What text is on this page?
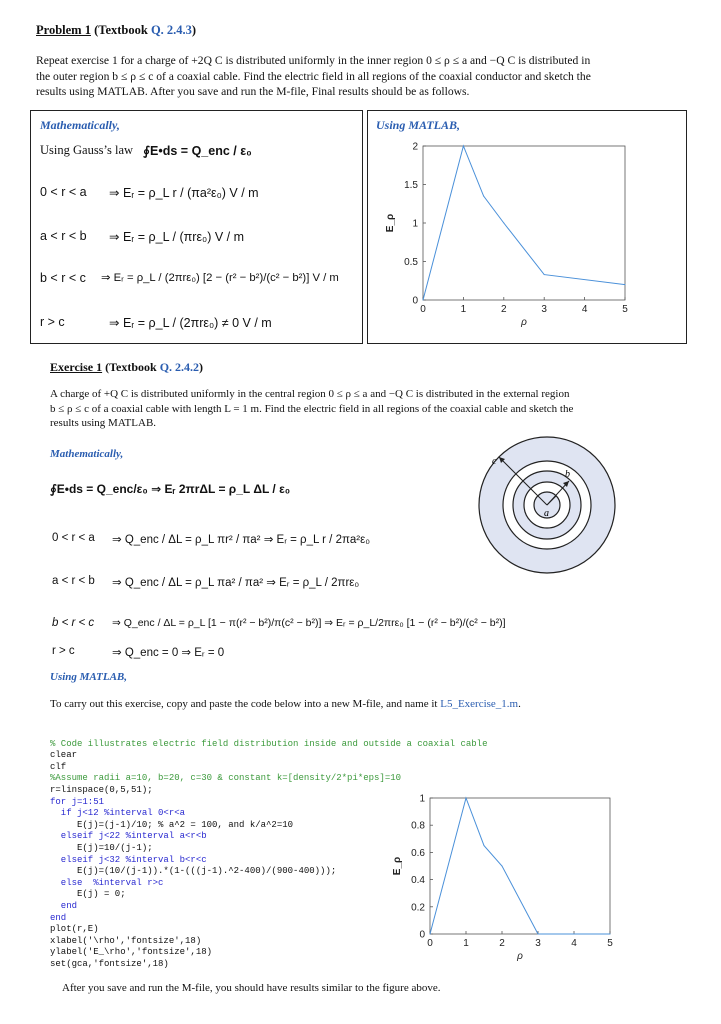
Problem 1 (Textbook Q. 2.4.3)
Repeat exercise 1 for a charge of +2Q C is distributed uniformly in the inner region 0 ≤ ρ ≤ a and −Q C is distributed in
the outer region b ≤ ρ ≤ c of a coaxial cable. Find the electric field in all regions of the coaxial conductor and sketch the
results using MATLAB. After you save and run the M-file, Final results should be as follows.
Mathematically,
Using Gauss’s law ∮E•ds = Q_enc / ε₀
0 < r < a ⇒ Eᵣ = ρ_L r / (πa²ε₀) V / m
a < r < b ⇒ Eᵣ = ρ_L / (πrε₀) V / m
b < r < c ⇒ Eᵣ = ρ_L / (2πrε₀) [2 − (r² − b²)/(c² − b²)] V / m
r > c	⇒ Eᵣ = ρ_L / (2πrε₀) ≠ 0 V / m
Using MATLAB,
0	1	2	3	4	5
0
0.5
1
1.5
2
ρ
E_ρ
Exercise 1 (Textbook Q. 2.4.2)
A charge of +Q C is distributed uniformly in the central region 0 ≤ ρ ≤ a and −Q C is distributed in the external region
b ≤ ρ ≤ c of a coaxial cable with length L = 1 m. Find the electric field in all regions of the coaxial cable and sketch the
results using MATLAB.
Mathematically,
∮E•ds = Q_enc/ε₀ ⇒ Eᵣ 2πrΔL = ρ_L ΔL / ε₀
0 < r < a ⇒ Q_enc / ΔL = ρ_L πr² / πa² ⇒ Eᵣ = ρ_L r / 2πa²ε₀
a < r < b ⇒ Q_enc / ΔL = ρ_L πa² / πa² ⇒ Eᵣ = ρ_L / 2πrε₀
b < r < c ⇒ Q_enc / ΔL = ρ_L [1 − π(r² − b²)/π(c² − b²)] ⇒ Eᵣ = ρ_L/2πrε₀ [1 − (r² − b²)/(c² − b²)]
r > c	⇒ Q_enc = 0 ⇒ Eᵣ = 0
c
b
a
Using MATLAB,
To carry out this exercise, copy and paste the code below into a new M-file, and name it L5_Exercise_1.m.

% Code illustrates electric field distribution inside and outside a coaxial cable
clear
clf
%Assume radii a=10, b=20, c=30 & constant k=[density/2*pi*eps]=10
r=linspace(0,5,51);
for j=1:51
if j<12 %interval 0<r<a
E(j)=(j-1)/10; % a^2 = 100, and k/a^2=10
elseif j<22 %interval a<r<b
E(j)=10/(j-1);
elseif j<32 %interval b<r<c
E(j)=(10/(j-1)).*(1-(((j-1).^2-400)/(900-400)));
else  %interval r>c
E(j) = 0;
end
end
plot(r,E)
xlabel('\rho','fontsize',18)
ylabel('E_\rho','fontsize',18)
set(gca,'fontsize',18)

0	1	2	3	4	5
0
0.2
0.4
0.6
0.8
1
ρ
E_ρ
After you save and run the M-file, you should have results similar to the figure above.
